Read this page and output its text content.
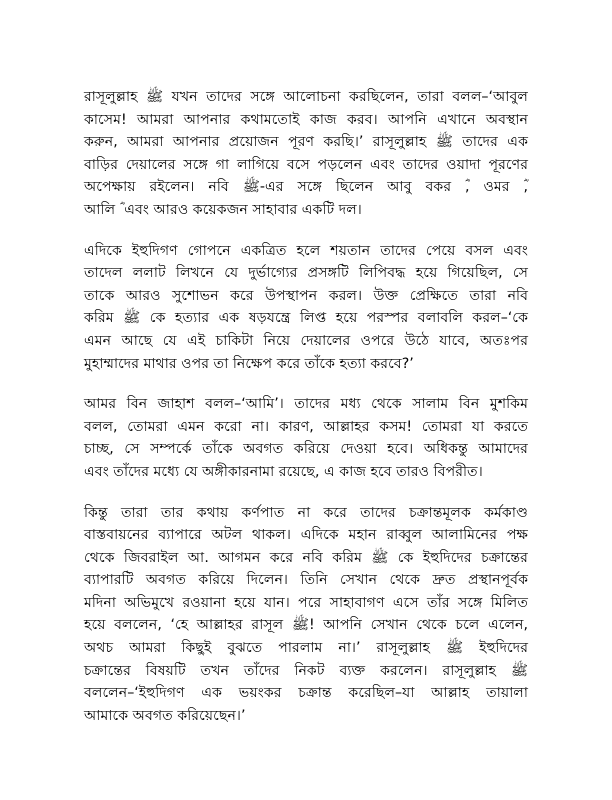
রাসূলুল্লাহ ﷺ যখন তাদের সঙ্গে আলোচনা করছিলেন, তারা বলল–‘আবুল
কাসেম! আমরা আপনার কথামতোই কাজ করব। আপনি এখানে অবস্থান
করুন, আমরা আপনার প্রয়োজন পূরণ করছি।’ রাসূলুল্লাহ ﷺ তাদের এক
বাড়ির দেয়ালের সঙ্গে গা লাগিয়ে বসে পড়লেন এবং তাদের ওয়াদা পূরণের
অপেক্ষায় রইলেন। নবি ﷺ-এর সঙ্গে ছিলেন আবু বকর ؓ, ওমর ؓ,
আলি ؓ এবং আরও কয়েকজন সাহাবার একটি দল।

এদিকে ইহুদিগণ গোপনে একত্রিত হলে শয়তান তাদের পেয়ে বসল এবং
তাদেল ললাট লিখনে যে দুর্ভাগ্যের প্রসঙ্গটি লিপিবদ্ধ হয়ে গিয়েছিল, সে
তাকে আরও সুশোভন করে উপস্থাপন করল। উক্ত প্রেক্ষিতে তারা নবি
করিম ﷺ কে হত্যার এক ষড়যন্ত্রে লিপ্ত হয়ে পরস্পর বলাবলি করল–‘কে
এমন আছে যে এই চাকিটা নিয়ে দেয়ালের ওপরে উঠে যাবে, অতঃপর
মুহাম্মাদের মাথার ওপর তা নিক্ষেপ করে তাঁকে হত্যা করবে?’

আমর বিন জাহাশ বলল–‘আমি’। তাদের মধ্য থেকে সালাম বিন মুশকিম
বলল, তোমরা এমন করো না। কারণ, আল্লাহর কসম! তোমরা যা করতে
চাচ্ছ, সে সম্পর্কে তাঁকে অবগত করিয়ে দেওয়া হবে। অধিকন্তু আমাদের
এবং তাঁদের মধ্যে যে অঙ্গীকারনামা রয়েছে, এ কাজ হবে তারও বিপরীত।

কিন্তু তারা তার কথায় কর্ণপাত না করে তাদের চক্রান্তমূলক কর্মকাণ্ড
বাস্তবায়নের ব্যাপারে অটল থাকল। এদিকে মহান রাব্বুল আলামিনের পক্ষ
থেকে জিবরাইল আ. আগমন করে নবি করিম ﷺ কে ইহুদিদের চক্রান্তের
ব্যাপারটি অবগত করিয়ে দিলেন। তিনি সেখান থেকে দ্রুত প্রস্থানপূর্বক
মদিনা অভিমুখে রওয়ানা হয়ে যান। পরে সাহাবাগণ এসে তাঁর সঙ্গে মিলিত
হয়ে বললেন, ‘হে আল্লাহর রাসূল ﷺ! আপনি সেখান থেকে চলে এলেন,
অথচ আমরা কিছুই বুঝতে পারলাম না।’ রাসূলুল্লাহ ﷺ ইহুদিদের
চক্রান্তের বিষয়টি তখন তাঁদের নিকট ব্যক্ত করলেন। রাসূলুল্লাহ ﷺ
বললেন–‘ইহুদিগণ এক ভয়ংকর চক্রান্ত করেছিল–যা আল্লাহ তায়ালা
আমাকে অবগত করিয়েছেন।’
